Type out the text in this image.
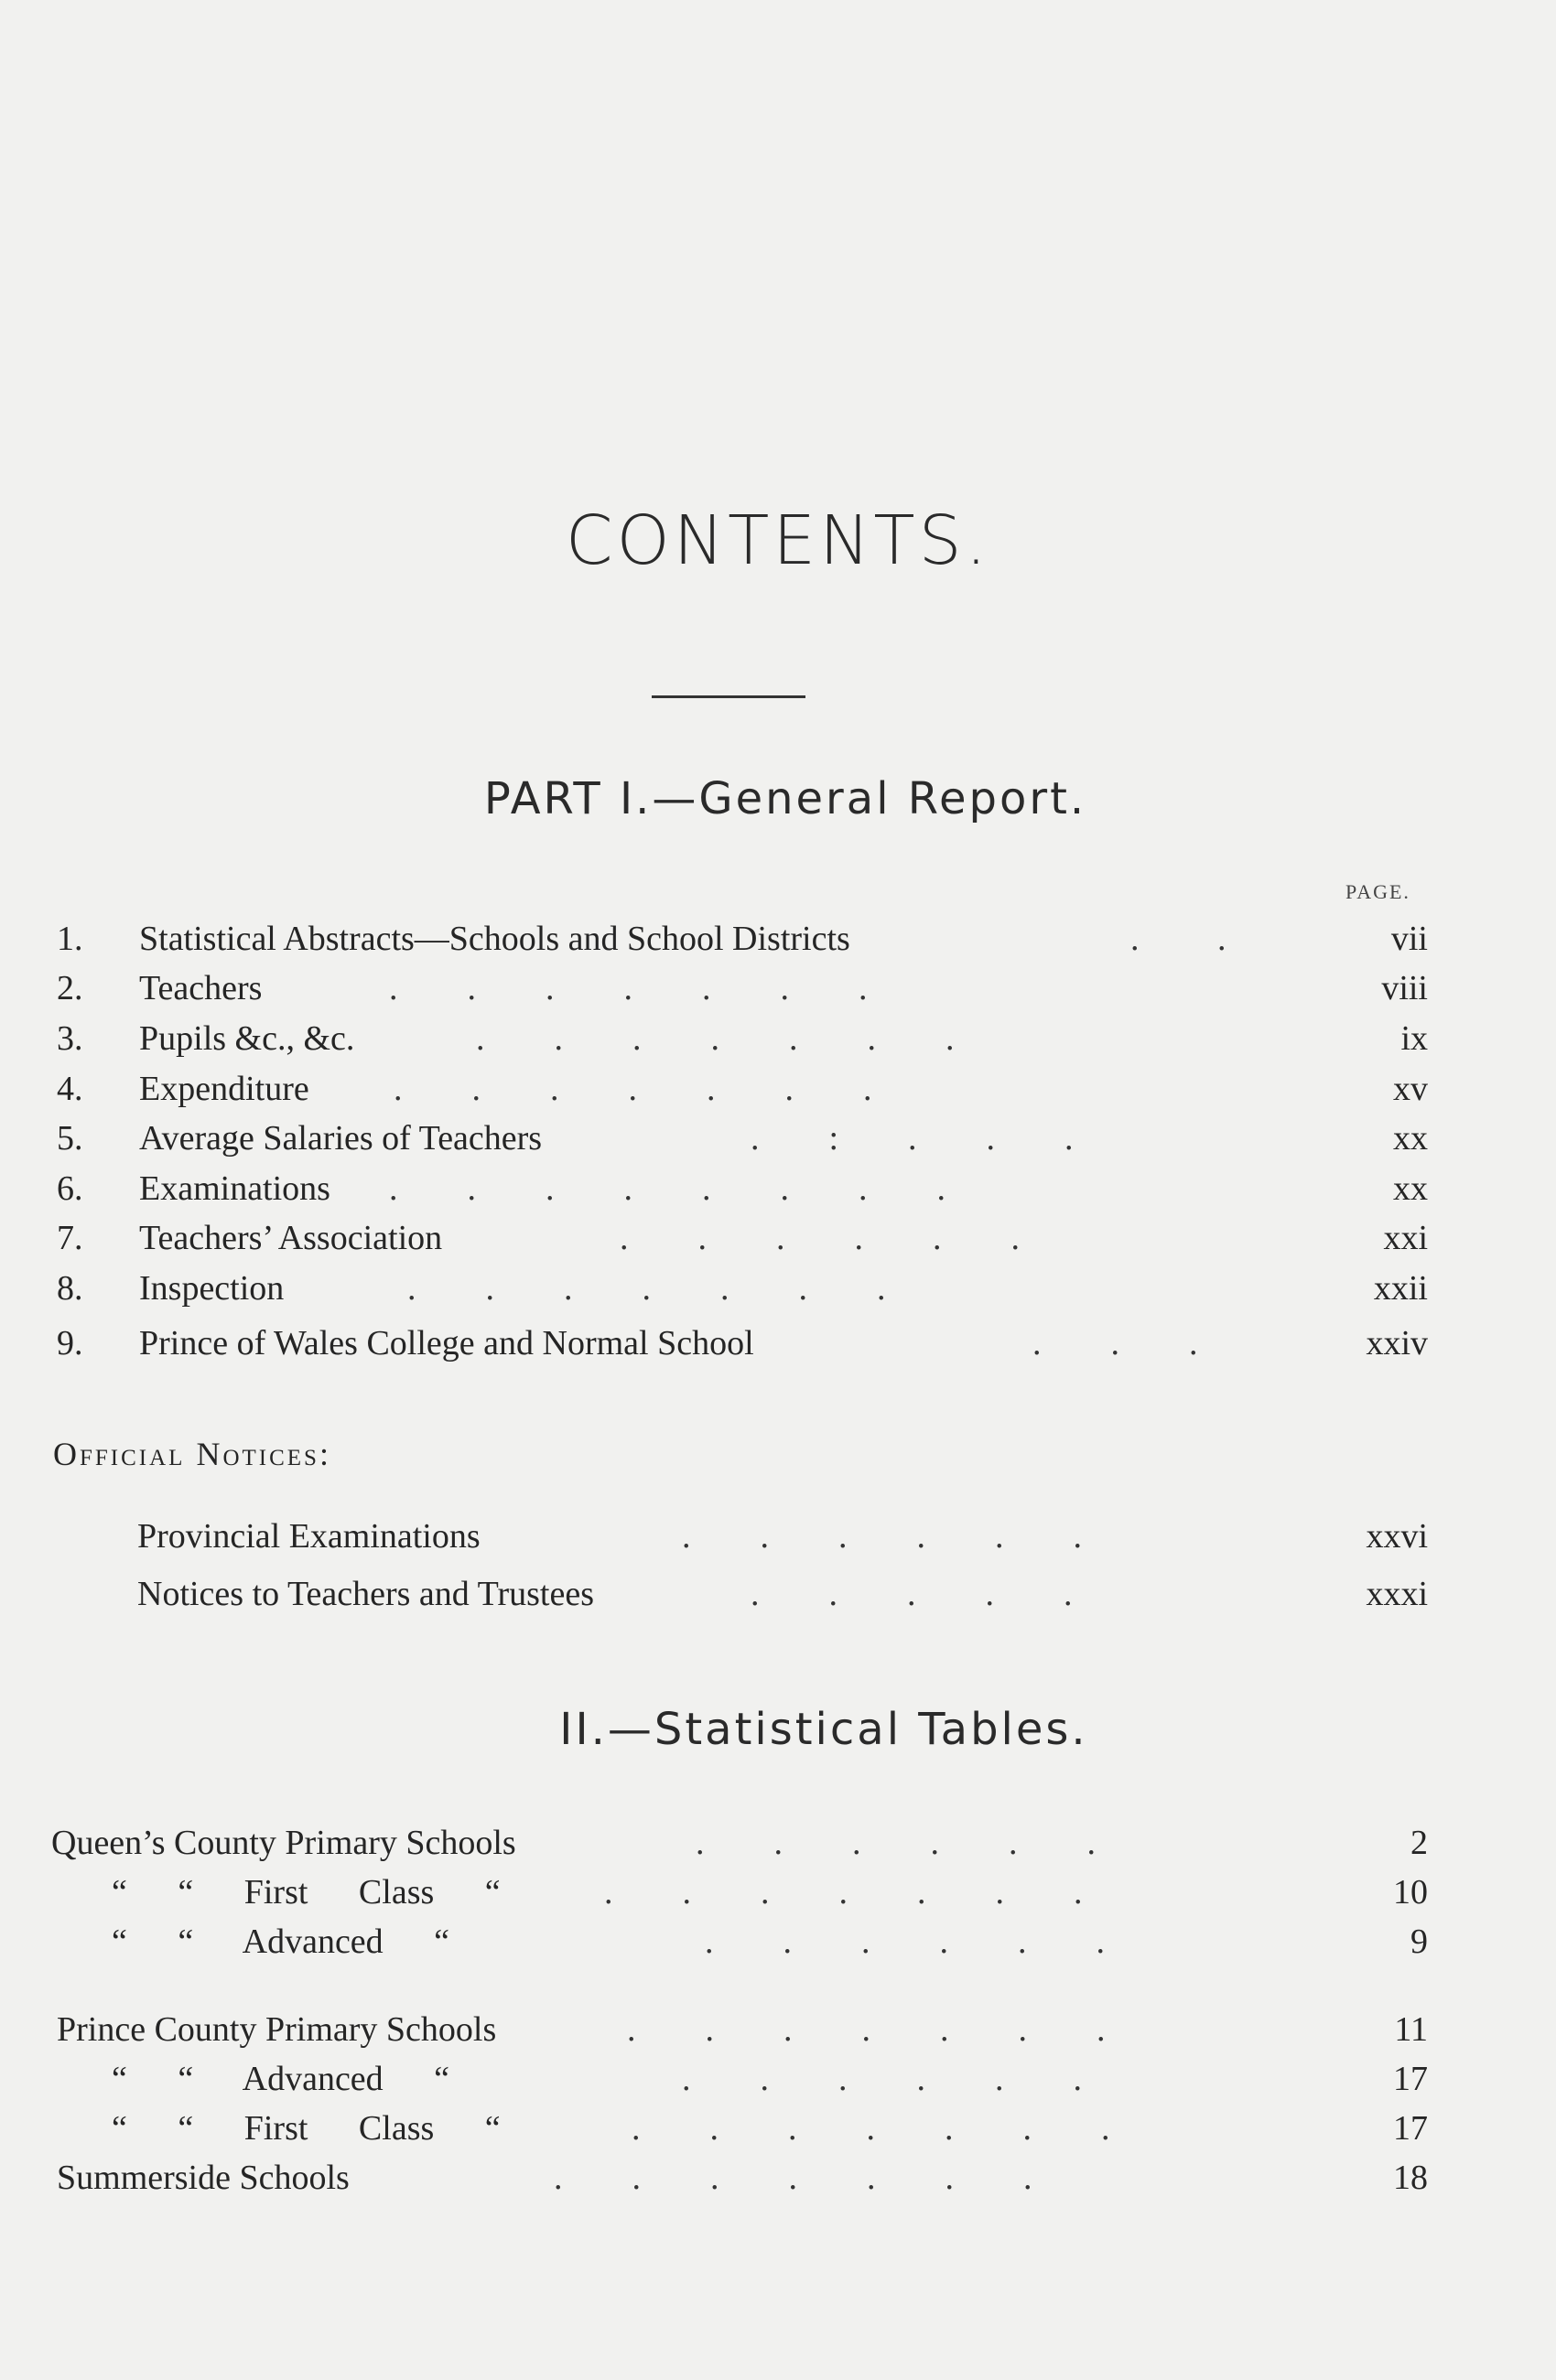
CONTENTS.
PART I.—General Report.
PAGE.
1.	Statistical Abstracts—Schools and School Districts	.         .	vii
2.	Teachers	.        .        .        .        .        .        .	viii
3.	Pupils &c., &c.	.        .        .        .        .        .        .	ix
4.	Expenditure .        .        .        .        .        .        .	xv
5.	Average Salaries of Teachers	.        :        .        .        .	xx
6.	Examinations .        .        .        .        .        .        .        .	xx
7.	Teachers’ Association	.        .        .        .        .        .	xxi
8.	Inspection	.        .        .        .        .        .        .	xxii
9.	Prince of Wales College and Normal School	.        .        .	xxiv
Official Notices:
Provincial Examinations	.        .        .        .        .        .	xxvi
Notices to Teachers and Trustees	.        .        .        .        .	xxxi
II.—Statistical Tables.
Queen’s County Primary Schools	.        .        .        .        .        .	2
“ “ First Class “	.        .        .        .        .        .        .	10
“ “ Advanced “	.        .        .        .        .        .	9
Prince County Primary Schools	.        .        .        .        .        .        .	11
“ “ Advanced “	.        .        .        .        .        .	17
“ “ First Class “	.        .        .        .        .        .        .	17
Summerside Schools	.        .        .        .        .        .        .	18
